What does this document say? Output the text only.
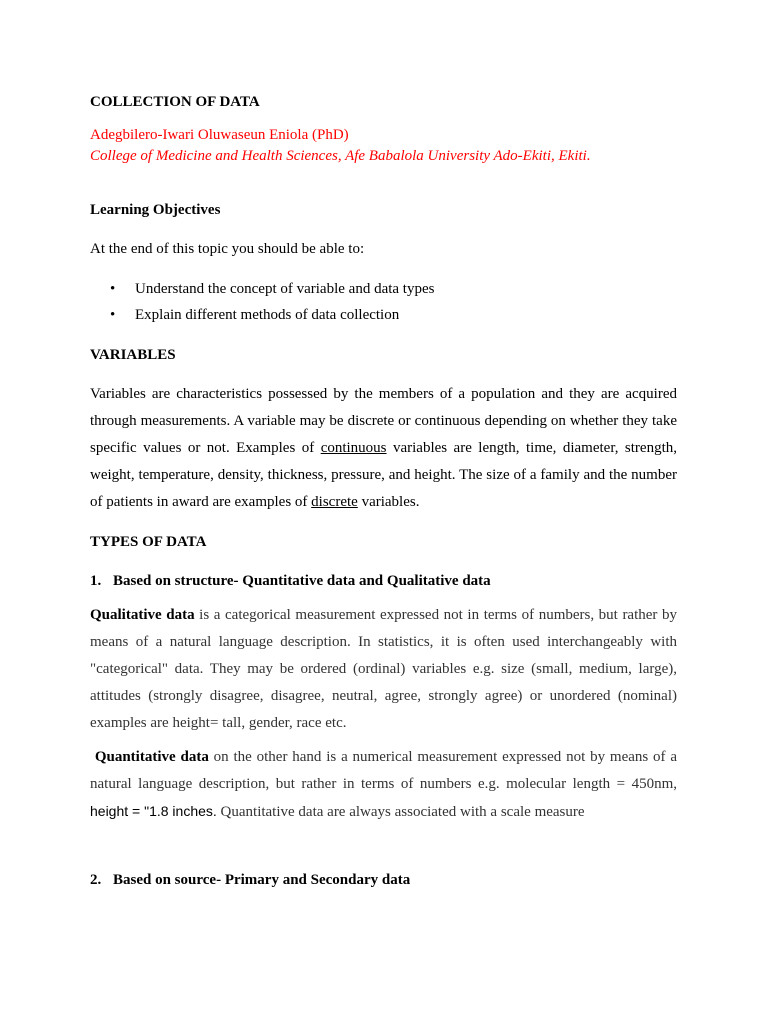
COLLECTION OF DATA
Adegbilero-Iwari Oluwaseun Eniola (PhD)
College of Medicine and Health Sciences, Afe Babalola University Ado-Ekiti, Ekiti.
Learning Objectives
At the end of this topic you should be able to:
• Understand the concept of variable and data types
• Explain different methods of data collection
VARIABLES
Variables are characteristics possessed by the members of a population and they are acquired through measurements. A variable may be discrete or continuous depending on whether they take specific values or not. Examples of continuous variables are length, time, diameter, strength, weight, temperature, density, thickness, pressure, and height. The size of a family and the number of patients in award are examples of discrete variables.
TYPES OF DATA
1. Based on structure- Quantitative data and Qualitative data
Qualitative data is a categorical measurement expressed not in terms of numbers, but rather by means of a natural language description. In statistics, it is often used interchangeably with "categorical" data. They may be ordered (ordinal) variables e.g. size (small, medium, large), attitudes (strongly disagree, disagree, neutral, agree, strongly agree) or unordered (nominal) examples are height= tall, gender, race etc.
Quantitative data on the other hand is a numerical measurement expressed not by means of a natural language description, but rather in terms of numbers e.g. molecular length = 450nm, height = "1.8 inches. Quantitative data are always associated with a scale measure
2. Based on source- Primary and Secondary data
